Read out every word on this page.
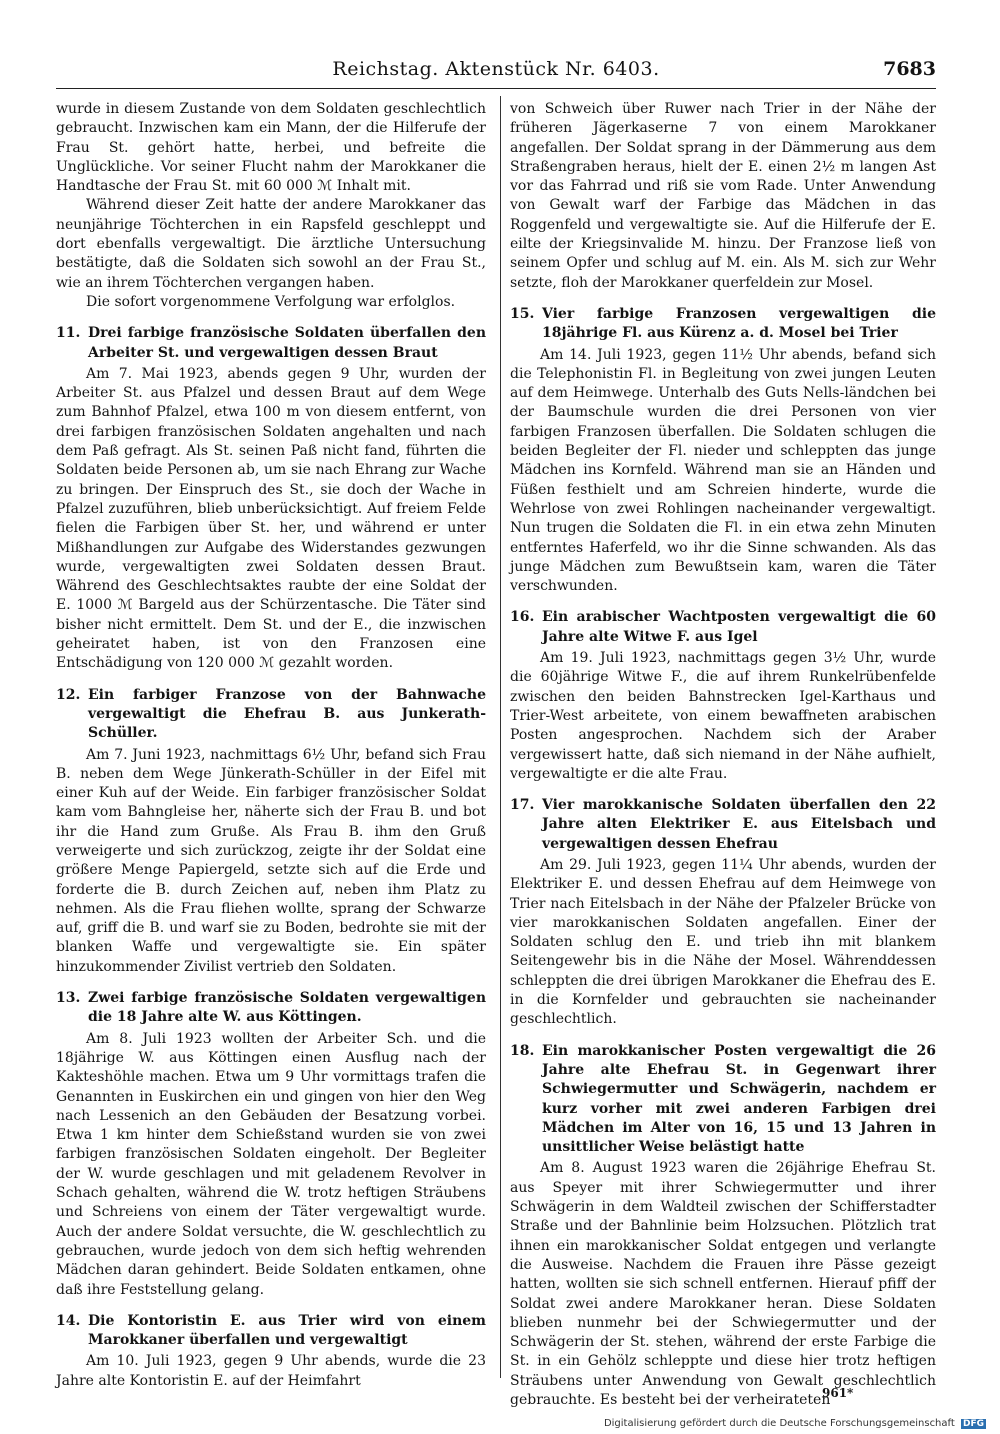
Reichstag. Aktenstück Nr. 6403.	7683

wurde in diesem Zustande von dem Soldaten geschlechtlich gebraucht. Inzwischen kam ein Mann, der die Hilferufe der Frau St. gehört hatte, herbei, und befreite die Unglückliche. Vor seiner Flucht nahm der Marokkaner die Handtasche der Frau St. mit 60 000 ℳ Inhalt mit.

Während dieser Zeit hatte der andere Marokkaner das neunjährige Töchterchen in ein Rapsfeld geschleppt und dort ebenfalls vergewaltigt. Die ärztliche Untersuchung bestätigte, daß die Soldaten sich sowohl an der Frau St., wie an ihrem Töchterchen vergangen haben.

Die sofort vorgenommene Verfolgung war erfolglos.

11. Drei farbige französische Soldaten überfallen den Arbeiter St. und vergewaltigen dessen Braut

Am 7. Mai 1923, abends gegen 9 Uhr, wurden der Arbeiter St. aus Pfalzel und dessen Braut auf dem Wege zum Bahnhof Pfalzel, etwa 100 m von diesem entfernt, von drei farbigen französischen Soldaten angehalten und nach dem Paß gefragt. Als St. seinen Paß nicht fand, führten die Soldaten beide Personen ab, um sie nach Ehrang zur Wache zu bringen. Der Einspruch des St., sie doch der Wache in Pfalzel zuzuführen, blieb unberücksichtigt. Auf freiem Felde fielen die Farbigen über St. her, und während er unter Mißhandlungen zur Aufgabe des Widerstandes gezwungen wurde, vergewaltigten zwei Soldaten dessen Braut. Während des Geschlechtsaktes raubte der eine Soldat der E. 1000 ℳ Bargeld aus der Schürzentasche. Die Täter sind bisher nicht ermittelt. Dem St. und der E., die inzwischen geheiratet haben, ist von den Franzosen eine Entschädigung von 120 000 ℳ gezahlt worden.

12. Ein farbiger Franzose von der Bahnwache vergewaltigt die Ehefrau B. aus Junkerath-Schüller.

Am 7. Juni 1923, nachmittags 6½ Uhr, befand sich Frau B. neben dem Wege Jünkerath-Schüller in der Eifel mit einer Kuh auf der Weide. Ein farbiger französischer Soldat kam vom Bahngleise her, näherte sich der Frau B. und bot ihr die Hand zum Gruße. Als Frau B. ihm den Gruß verweigerte und sich zurückzog, zeigte ihr der Soldat eine größere Menge Papiergeld, setzte sich auf die Erde und forderte die B. durch Zeichen auf, neben ihm Platz zu nehmen. Als die Frau fliehen wollte, sprang der Schwarze auf, griff die B. und warf sie zu Boden, bedrohte sie mit der blanken Waffe und vergewaltigte sie. Ein später hinzukommender Zivilist vertrieb den Soldaten.

13. Zwei farbige französische Soldaten vergewaltigen die 18 Jahre alte W. aus Köttingen.

Am 8. Juli 1923 wollten der Arbeiter Sch. und die 18jährige W. aus Köttingen einen Ausflug nach der Kakteshöhle machen. Etwa um 9 Uhr vormittags trafen die Genannten in Euskirchen ein und gingen von hier den Weg nach Lessenich an den Gebäuden der Besatzung vorbei. Etwa 1 km hinter dem Schießstand wurden sie von zwei farbigen französischen Soldaten eingeholt. Der Begleiter der W. wurde geschlagen und mit geladenem Revolver in Schach gehalten, während die W. trotz heftigen Sträubens und Schreiens von einem der Täter vergewaltigt wurde. Auch der andere Soldat versuchte, die W. geschlechtlich zu gebrauchen, wurde jedoch von dem sich heftig wehrenden Mädchen daran gehindert. Beide Soldaten entkamen, ohne daß ihre Feststellung gelang.

14. Die Kontoristin E. aus Trier wird von einem Marokkaner überfallen und vergewaltigt

Am 10. Juli 1923, gegen 9 Uhr abends, wurde die 23 Jahre alte Kontoristin E. auf der Heimfahrt

von Schweich über Ruwer nach Trier in der Nähe der früheren Jägerkaserne 7 von einem Marokkaner angefallen. Der Soldat sprang in der Dämmerung aus dem Straßengraben heraus, hielt der E. einen 2½ m langen Ast vor das Fahrrad und riß sie vom Rade. Unter Anwendung von Gewalt warf der Farbige das Mädchen in das Roggenfeld und vergewaltigte sie. Auf die Hilferufe der E. eilte der Kriegsinvalide M. hinzu. Der Franzose ließ von seinem Opfer und schlug auf M. ein. Als M. sich zur Wehr setzte, floh der Marokkaner querfeldein zur Mosel.

15. Vier farbige Franzosen vergewaltigen die 18jährige Fl. aus Kürenz a. d. Mosel bei Trier

Am 14. Juli 1923, gegen 11½ Uhr abends, befand sich die Telephonistin Fl. in Begleitung von zwei jungen Leuten auf dem Heimwege. Unterhalb des Guts Nells-ländchen bei der Baumschule wurden die drei Personen von vier farbigen Franzosen überfallen. Die Soldaten schlugen die beiden Begleiter der Fl. nieder und schleppten das junge Mädchen ins Kornfeld. Während man sie an Händen und Füßen festhielt und am Schreien hinderte, wurde die Wehrlose von zwei Rohlingen nacheinander vergewaltigt. Nun trugen die Soldaten die Fl. in ein etwa zehn Minuten entferntes Haferfeld, wo ihr die Sinne schwanden. Als das junge Mädchen zum Bewußtsein kam, waren die Täter verschwunden.

16. Ein arabischer Wachtposten vergewaltigt die 60 Jahre alte Witwe F. aus Igel

Am 19. Juli 1923, nachmittags gegen 3½ Uhr, wurde die 60jährige Witwe F., die auf ihrem Runkelrübenfelde zwischen den beiden Bahnstrecken Igel-Karthaus und Trier-West arbeitete, von einem bewaffneten arabischen Posten angesprochen. Nachdem sich der Araber vergewissert hatte, daß sich niemand in der Nähe aufhielt, vergewaltigte er die alte Frau.

17. Vier marokkanische Soldaten überfallen den 22 Jahre alten Elektriker E. aus Eitelsbach und vergewaltigen dessen Ehefrau

Am 29. Juli 1923, gegen 11¼ Uhr abends, wurden der Elektriker E. und dessen Ehefrau auf dem Heimwege von Trier nach Eitelsbach in der Nähe der Pfalzeler Brücke von vier marokkanischen Soldaten angefallen. Einer der Soldaten schlug den E. und trieb ihn mit blankem Seitengewehr bis in die Nähe der Mosel. Währenddessen schleppten die drei übrigen Marokkaner die Ehefrau des E. in die Kornfelder und gebrauchten sie nacheinander geschlechtlich.

18. Ein marokkanischer Posten vergewaltigt die 26 Jahre alte Ehefrau St. in Gegenwart ihrer Schwiegermutter und Schwägerin, nachdem er kurz vorher mit zwei anderen Farbigen drei Mädchen im Alter von 16, 15 und 13 Jahren in unsittlicher Weise belästigt hatte

Am 8. August 1923 waren die 26jährige Ehefrau St. aus Speyer mit ihrer Schwiegermutter und ihrer Schwägerin in dem Waldteil zwischen der Schifferstadter Straße und der Bahnlinie beim Holzsuchen. Plötzlich trat ihnen ein marokkanischer Soldat entgegen und verlangte die Ausweise. Nachdem die Frauen ihre Pässe gezeigt hatten, wollten sie sich schnell entfernen. Hierauf pfiff der Soldat zwei andere Marokkaner heran. Diese Soldaten blieben nunmehr bei der Schwiegermutter und der Schwägerin der St. stehen, während der erste Farbige die St. in ein Gehölz schleppte und diese hier trotz heftigen Sträubens unter Anwendung von Gewalt geschlechtlich gebrauchte. Es besteht bei der verheirateten

961*
Digitalisierung gefördert durch die Deutsche Forschungsgemeinschaft DFG
